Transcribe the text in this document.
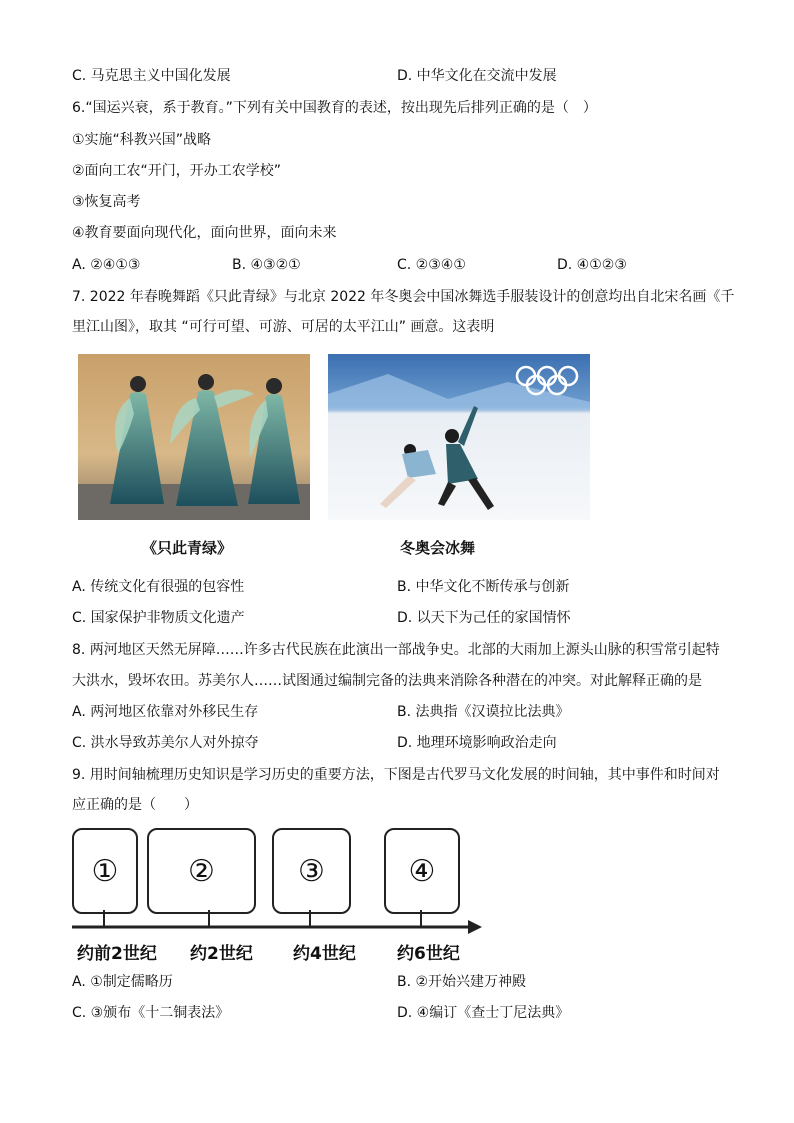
C. 马克思主义中国化发展	D. 中华文化在交流中发展
6.“国运兴衰，系于教育。”下列有关中国教育的表述，按出现先后排列正确的是（　）
①实施“科教兴国”战略
②面向工农“开门，开办工农学校”
③恢复高考
④教育要面向现代化，面向世界，面向未来
A. ②④①③	B. ④③②①	C. ②③④①	D. ④①②③
7. 2022 年春晚舞蹈《只此青绿》与北京 2022 年冬奥会中国冰舞选手服装设计的创意均出自北宋名画《千
里江山图》，取其 “可行可望、可游、可居的太平江山” 画意。这表明
《只此青绿》	冬奥会冰舞
A. 传统文化有很强的包容性	B. 中华文化不断传承与创新
C. 国家保护非物质文化遗产	D. 以天下为己任的家国情怀
8. 两河地区天然无屏障……许多古代民族在此演出一部战争史。北部的大雨加上源头山脉的积雪常引起特
大洪水，毁坏农田。苏美尔人……试图通过编制完备的法典来消除各种潜在的冲突。对此解释正确的是
A. 两河地区依靠对外移民生存	B. 法典指《汉谟拉比法典》
C. 洪水导致苏美尔人对外掠夺	D. 地理环境影响政治走向
9. 用时间轴梳理历史知识是学习历史的重要方法，下图是古代罗马文化发展的时间轴，其中事件和时间对
应正确的是（　　）
① ②	③	④
约前2世纪 约2世纪 约4世纪 约6世纪
A. ①制定儒略历	B. ②开始兴建万神殿
C. ③颁布《十二铜表法》	D. ④编订《查士丁尼法典》
